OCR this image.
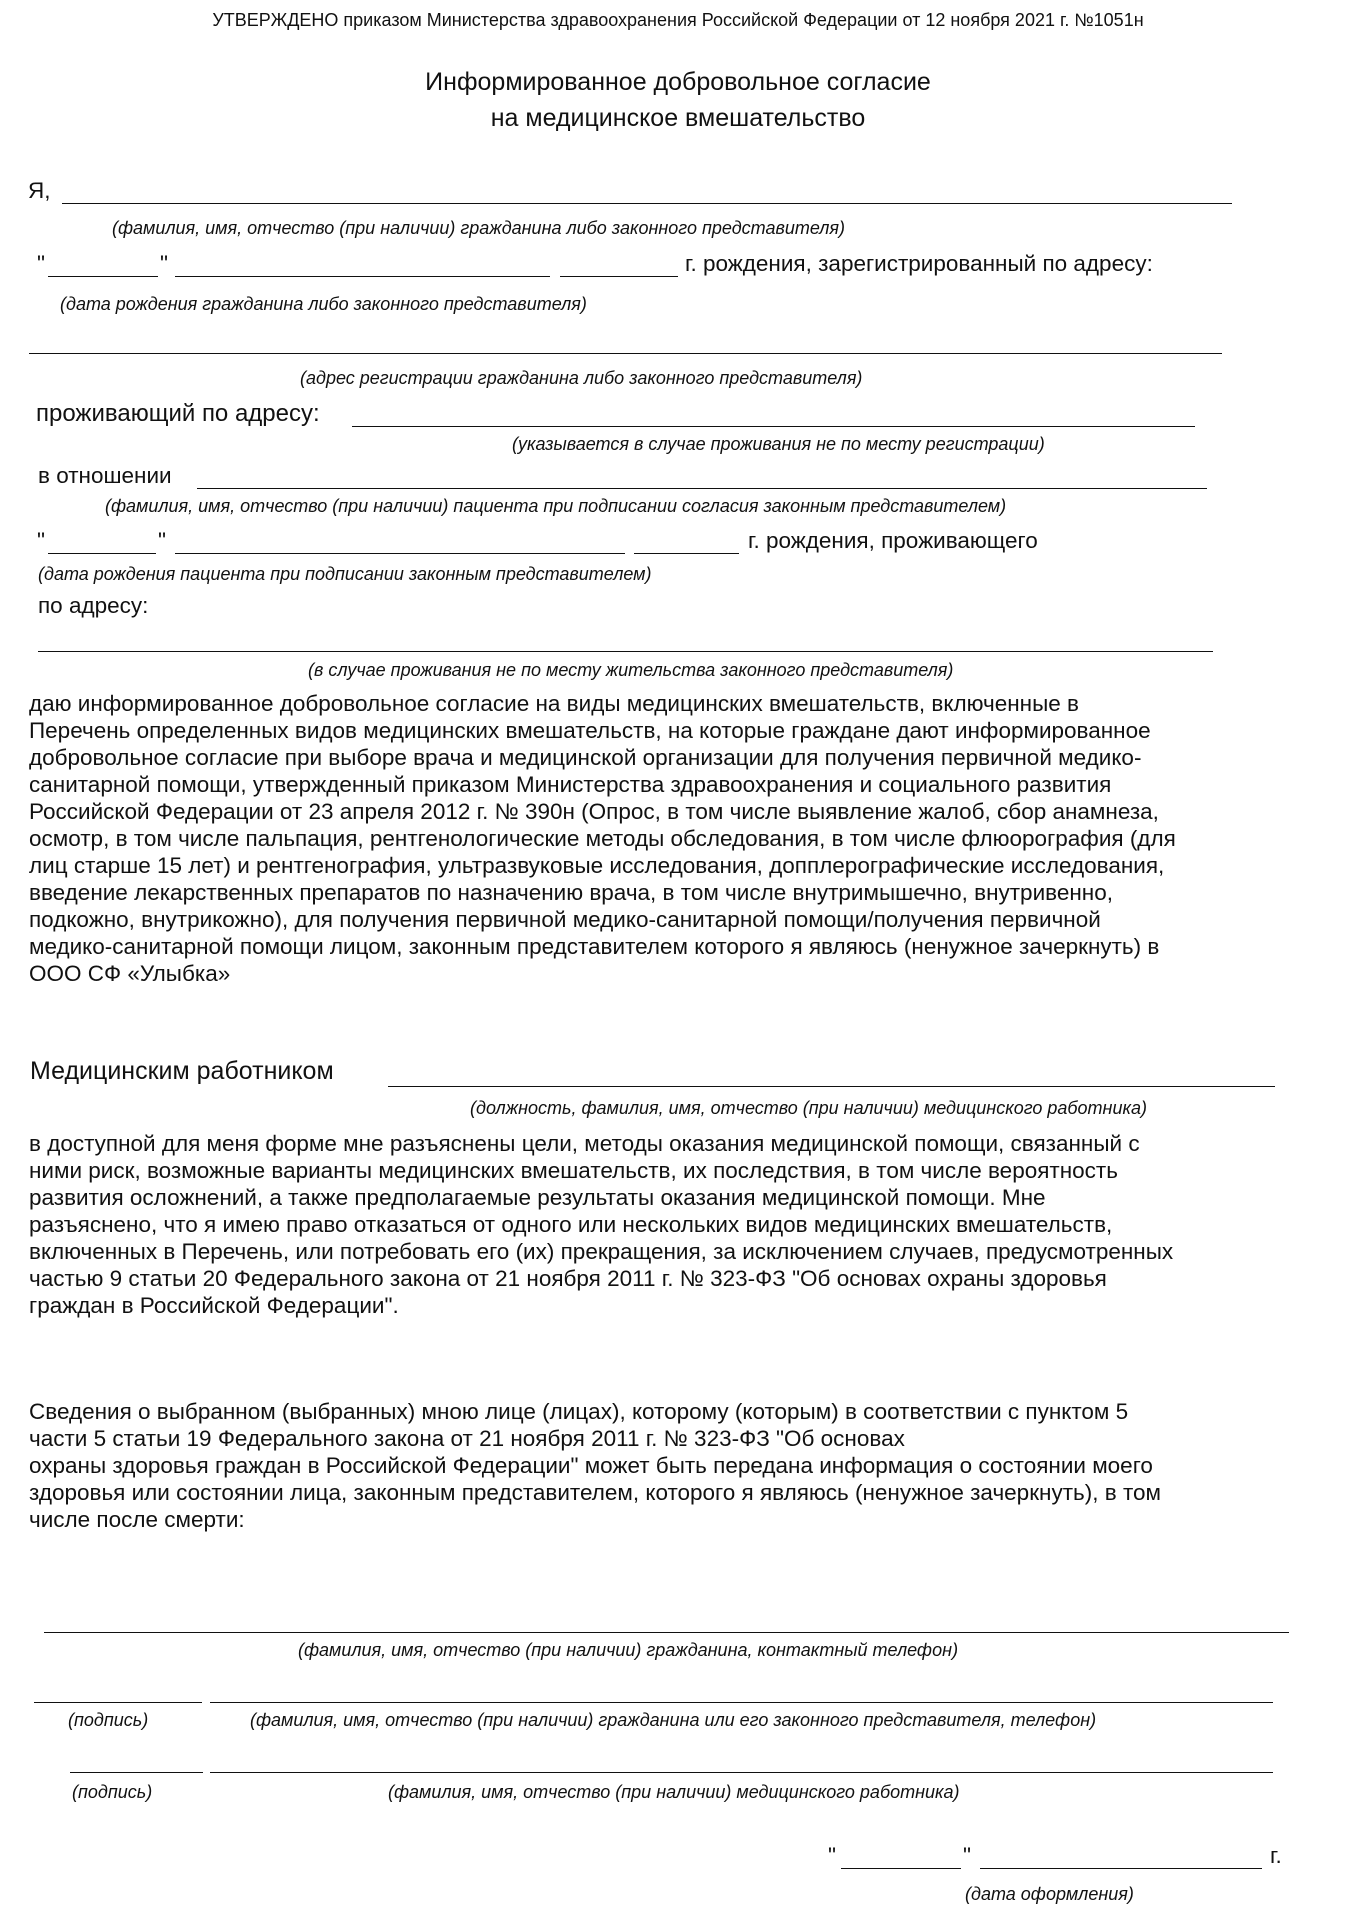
УТВЕРЖДЕНО приказом Министерства здравоохранения Российской Федерации от 12 ноября 2021 г. №1051н
Информированное добровольное согласие
на медицинское вмешательство
Я,
(фамилия, имя, отчество (при наличии) гражданина либо законного представителя)
"	"	г. рождения, зарегистрированный по адресу:
(дата рождения гражданина либо законного представителя)
(адрес регистрации гражданина либо законного представителя)
проживающий по адресу:
(указывается в случае проживания не по месту регистрации)
в отношении
(фамилия, имя, отчество (при наличии) пациента при подписании согласия законным представителем)
"	"	г. рождения, проживающего
(дата рождения пациента при подписании законным представителем)
по адресу:
(в случае проживания не по месту жительства законного представителя)
даю информированное добровольное согласие на виды медицинских вмешательств, включенные в
Перечень определенных видов медицинских вмешательств, на которые граждане дают информированное
добровольное согласие при выборе врача и медицинской организации для получения первичной медико-
санитарной помощи, утвержденный приказом Министерства здравоохранения и социального развития
Российской Федерации от 23 апреля 2012 г. № 390н (Опрос, в том числе выявление жалоб, сбор анамнеза,
осмотр, в том числе пальпация, рентгенологические методы обследования, в том числе флюорография (для
лиц старше 15 лет) и рентгенография, ультразвуковые исследования, допплерографические исследования,
введение лекарственных препаратов по назначению врача, в том числе внутримышечно, внутривенно,
подкожно, внутрикожно), для получения первичной медико-санитарной помощи/получения первичной
медико-санитарной помощи лицом, законным представителем которого я являюсь (ненужное зачеркнуть) в
ООО СФ «Улыбка»
Медицинским работником
(должность, фамилия, имя, отчество (при наличии) медицинского работника)
в доступной для меня форме мне разъяснены цели, методы оказания медицинской помощи, связанный с
ними риск, возможные варианты медицинских вмешательств, их последствия, в том числе вероятность
развития осложнений, а также предполагаемые результаты оказания медицинской помощи. Мне
разъяснено, что я имею право отказаться от одного или нескольких видов медицинских вмешательств,
включенных в Перечень, или потребовать его (их) прекращения, за исключением случаев, предусмотренных
частью 9 статьи 20 Федерального закона от 21 ноября 2011 г. № 323-ФЗ "Об основах охраны здоровья
граждан в Российской Федерации".
Сведения о выбранном (выбранных) мною лице (лицах), которому (которым) в соответствии с пунктом 5
части 5 статьи 19 Федерального закона от 21 ноября 2011 г. № 323-ФЗ "Об основах
охраны здоровья граждан в Российской Федерации" может быть передана информация о состоянии моего
здоровья или состоянии лица, законным представителем, которого я являюсь (ненужное зачеркнуть), в том
числе после смерти:
(фамилия, имя, отчество (при наличии) гражданина, контактный телефон)
(подпись)	(фамилия, имя, отчество (при наличии) гражданина или его законного представителя, телефон)
(подпись)	(фамилия, имя, отчество (при наличии) медицинского работника)
"	"	г.
(дата оформления)
